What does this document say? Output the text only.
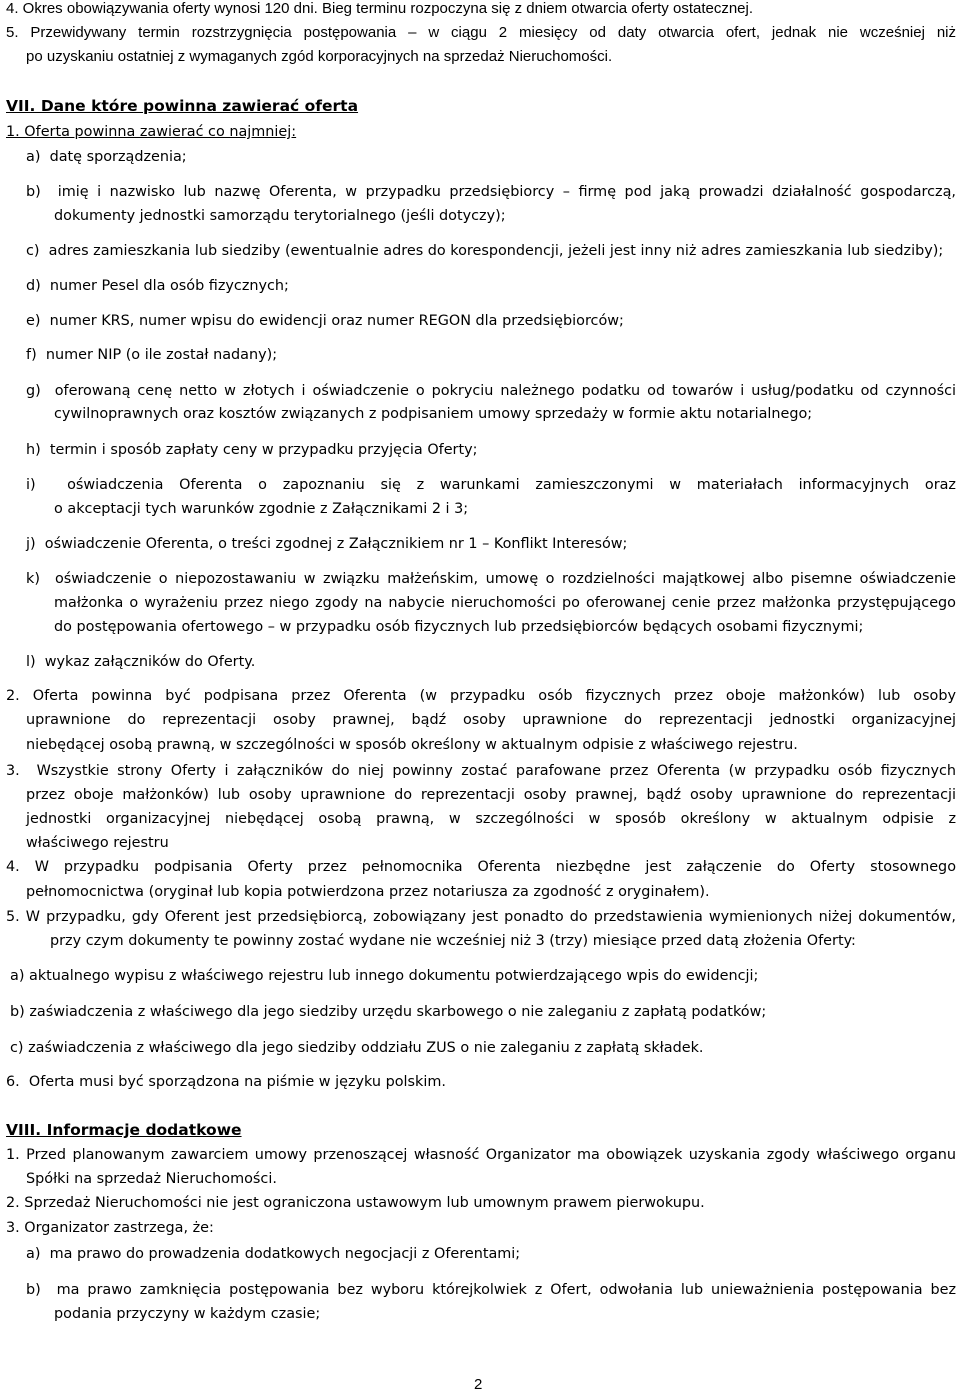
4. Okres obowiązywania oferty wynosi 120 dni. Bieg terminu rozpoczyna się z dniem otwarcia oferty ostatecznej.
5. Przewidywany termin rozstrzygnięcia postępowania – w ciągu 2 miesięcy od daty otwarcia ofert, jednak nie wcześniej niż
po uzyskaniu ostatniej z wymaganych zgód korporacyjnych na sprzedaż Nieruchomości.
VII. Dane które powinna zawierać oferta
1. Oferta powinna zawierać co najmniej:
a)  datę sporządzenia;
b)  imię i nazwisko lub nazwę Oferenta, w przypadku przedsiębiorcy – firmę pod jaką prowadzi działalność gospodarczą,
dokumenty jednostki samorządu terytorialnego (jeśli dotyczy);
c)  adres zamieszkania lub siedziby (ewentualnie adres do korespondencji, jeżeli jest inny niż adres zamieszkania lub siedziby);
d)  numer Pesel dla osób fizycznych;
e)  numer KRS, numer wpisu do ewidencji oraz numer REGON dla przedsiębiorców;
f)  numer NIP (o ile został nadany);
g)  oferowaną cenę netto w złotych i oświadczenie o pokryciu należnego podatku od towarów i usług/podatku od czynności
cywilnoprawnych oraz kosztów związanych z podpisaniem umowy sprzedaży w formie aktu notarialnego;
h)  termin i sposób zapłaty ceny w przypadku przyjęcia Oferty;
i)  oświadczenia Oferenta o zapoznaniu się z warunkami zamieszczonymi w materiałach informacyjnych oraz
o akceptacji tych warunków zgodnie z Załącznikami 2 i 3;
j)  oświadczenie Oferenta, o treści zgodnej z Załącznikiem nr 1 – Konflikt Interesów;
k)  oświadczenie o niepozostawaniu w związku małżeńskim, umowę o rozdzielności majątkowej albo pisemne oświadczenie
małżonka o wyrażeniu przez niego zgody na nabycie nieruchomości po oferowanej cenie przez małżonka przystępującego
do postępowania ofertowego – w przypadku osób fizycznych lub przedsiębiorców będących osobami fizycznymi;
l)  wykaz załączników do Oferty.
2. Oferta powinna być podpisana przez Oferenta (w przypadku osób fizycznych przez oboje małżonków) lub osoby
uprawnione do reprezentacji osoby prawnej, bądź osoby uprawnione do reprezentacji jednostki organizacyjnej
niebędącej osobą prawną, w szczególności w sposób określony w aktualnym odpisie z właściwego rejestru.
3.  Wszystkie strony Oferty i załączników do niej powinny zostać parafowane przez Oferenta (w przypadku osób fizycznych
przez oboje małżonków) lub osoby uprawnione do reprezentacji osoby prawnej, bądź osoby uprawnione do reprezentacji
jednostki organizacyjnej niebędącej osobą prawną, w szczególności w sposób określony w aktualnym odpisie z
właściwego rejestru
4. W przypadku podpisania Oferty przez pełnomocnika Oferenta niezbędne jest załączenie do Oferty stosownego
pełnomocnictwa (oryginał lub kopia potwierdzona przez notariusza za zgodność z oryginałem).
5. W przypadku, gdy Oferent jest przedsiębiorcą, zobowiązany jest ponadto do przedstawienia wymienionych niżej dokumentów,
przy czym dokumenty te powinny zostać wydane nie wcześniej niż 3 (trzy) miesiące przed datą złożenia Oferty:
a) aktualnego wypisu z właściwego rejestru lub innego dokumentu potwierdzającego wpis do ewidencji;
b) zaświadczenia z właściwego dla jego siedziby urzędu skarbowego o nie zaleganiu z zapłatą podatków;
c) zaświadczenia z właściwego dla jego siedziby oddziału ZUS o nie zaleganiu z zapłatą składek.
6.  Oferta musi być sporządzona na piśmie w języku polskim.
VIII. Informacje dodatkowe
1. Przed planowanym zawarciem umowy przenoszącej własność Organizator ma obowiązek uzyskania zgody właściwego organu
Spółki na sprzedaż Nieruchomości.
2. Sprzedaż Nieruchomości nie jest ograniczona ustawowym lub umownym prawem pierwokupu.
3. Organizator zastrzega, że:
a)  ma prawo do prowadzenia dodatkowych negocjacji z Oferentami;
b)  ma prawo zamknięcia postępowania bez wyboru którejkolwiek z Ofert, odwołania lub unieważnienia postępowania bez
podania przyczyny w każdym czasie;
2
